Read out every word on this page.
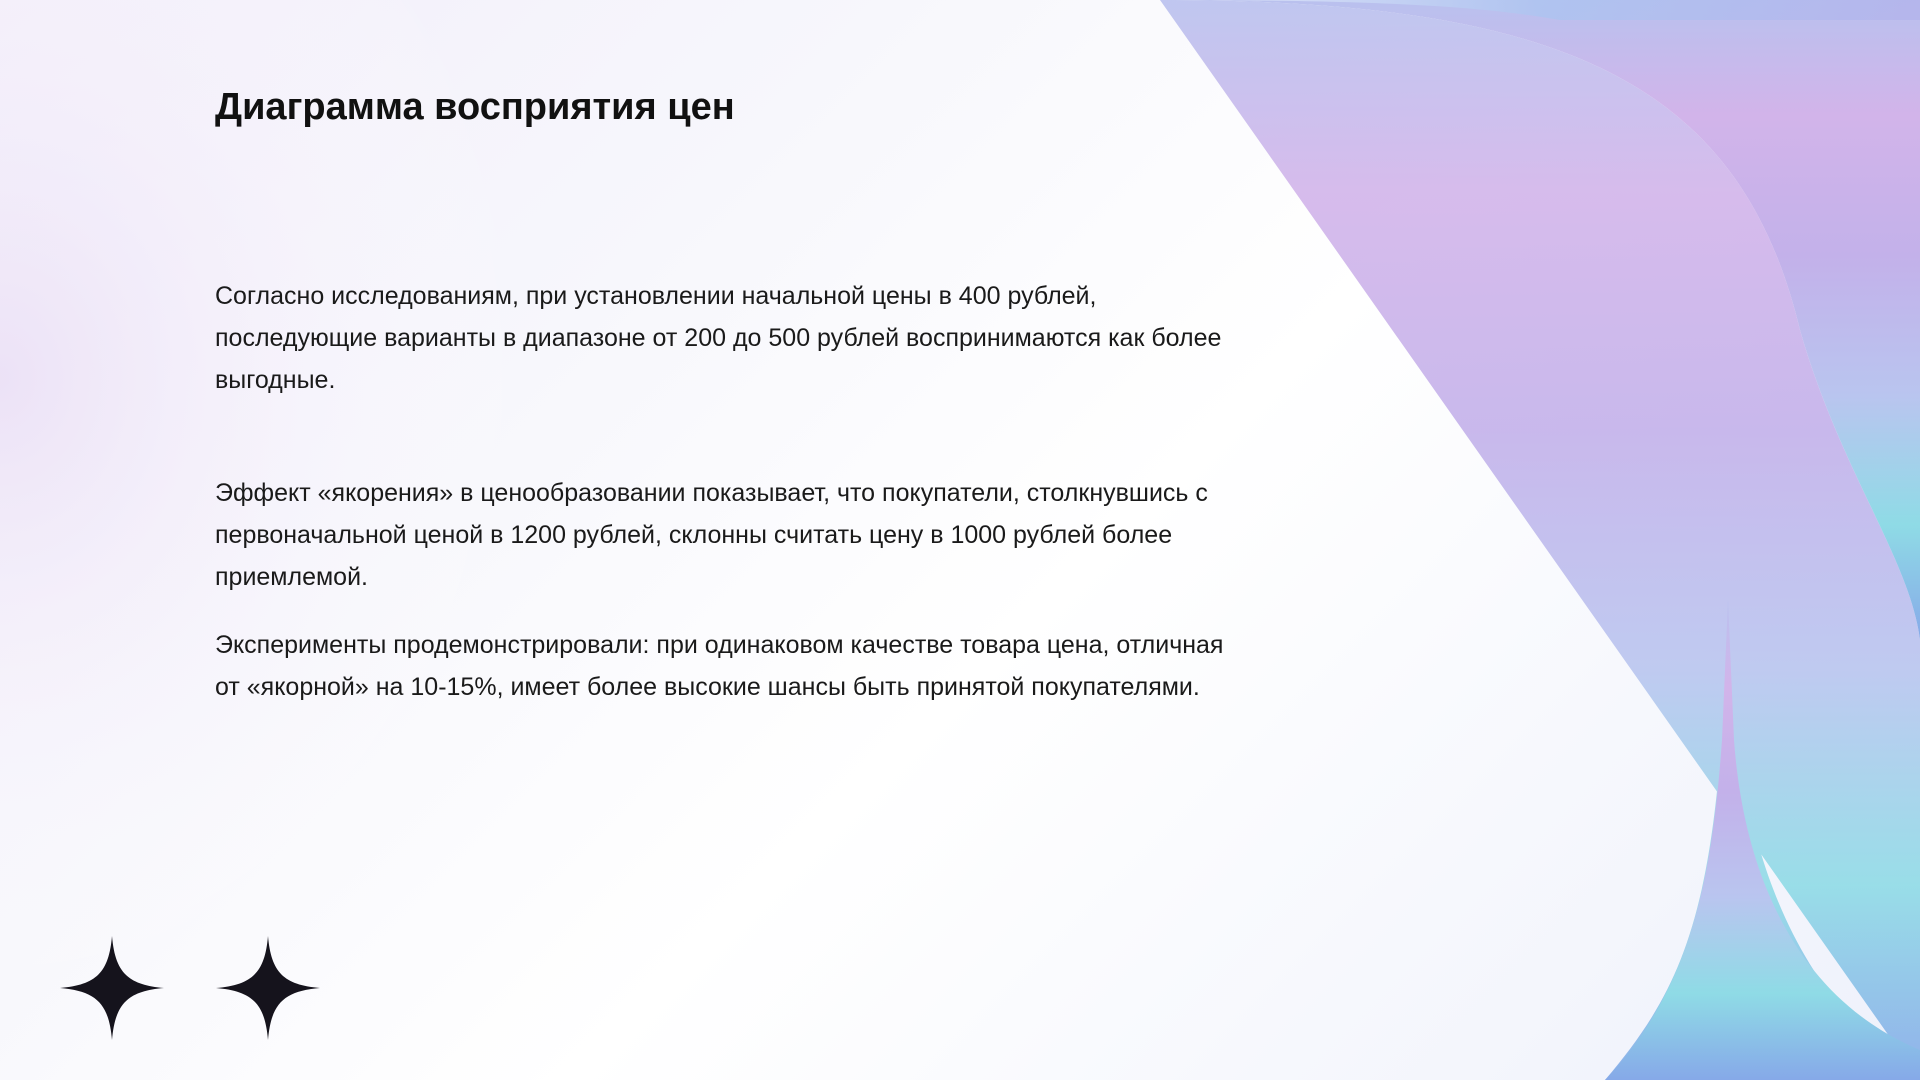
Диаграмма восприятия цен

Согласно исследованиям, при установлении начальной цены в 400 рублей, последующие варианты в диапазоне от 200 до 500 рублей воспринимаются как более выгодные.

Эффект «якорения» в ценообразовании показывает, что покупатели, столкнувшись с первоначальной ценой в 1200 рублей, склонны считать цену в 1000 рублей более приемлемой.

Эксперименты продемонстрировали: при одинаковом качестве товара цена, отличная от «якорной» на 10-15%, имеет более высокие шансы быть принятой покупателями.
